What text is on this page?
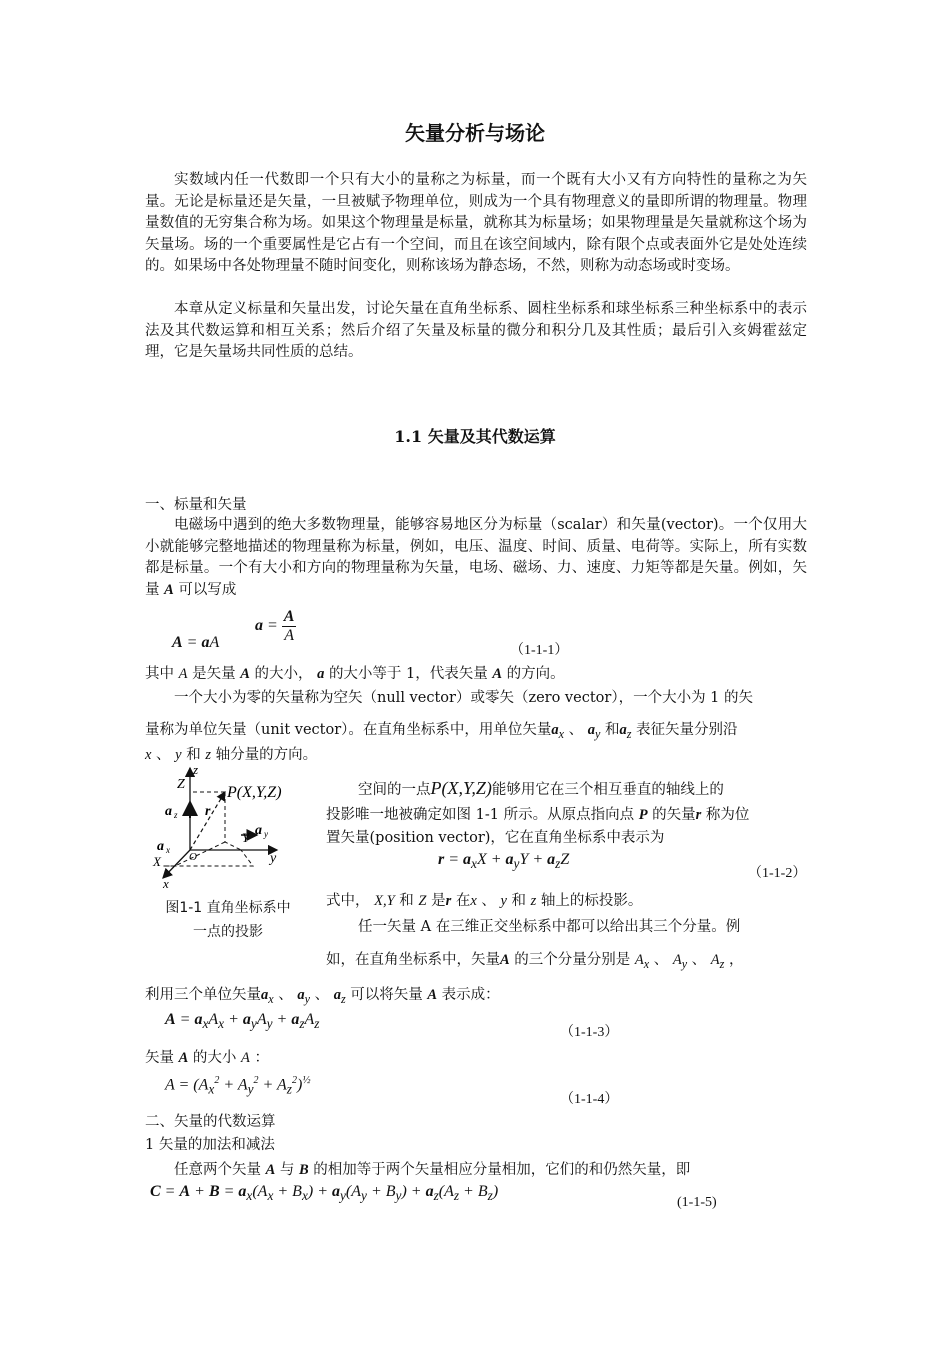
矢量分析与场论
实数域内任一代数即一个只有大小的量称之为标量，而一个既有大小又有方向特性的量称之为矢量。无论是标量还是矢量，一旦被赋予物理单位，则成为一个具有物理意义的量即所谓的物理量。物理量数值的无穷集合称为场。如果这个物理量是标量，就称其为标量场；如果物理量是矢量就称这个场为矢量场。场的一个重要属性是它占有一个空间，而且在该空间域内，除有限个点或表面外它是处处连续的。如果场中各处物理量不随时间变化，则称该场为静态场，不然，则称为动态场或时变场。
本章从定义标量和矢量出发，讨论矢量在直角坐标系、圆柱坐标系和球坐标系三种坐标系中的表示法及其代数运算和相互关系；然后介绍了矢量及标量的微分和积分几及其性质；最后引入亥姆霍兹定理，它是矢量场共同性质的总结。
1.1 矢量及其代数运算
一、标量和矢量
电磁场中遇到的绝大多数物理量，能够容易地区分为标量（scalar）和矢量(vector)。一个仅用大小就能够完整地描述的物理量称为标量，例如，电压、温度、时间、质量、电荷等。实际上，所有实数都是标量。一个有大小和方向的物理量称为矢量，电场、磁场、力、速度、力矩等都是矢量。例如，矢量 A 可以写成
A = aA
$a = \frac{A}{A}$
（1-1-1）
其中 A 是矢量 A 的大小， a 的大小等于 1，代表矢量 A 的方向。
一个大小为零的矢量称为空矢（null vector）或零矢（zero vector），一个大小为 1 的矢
量称为单位矢量（unit vector）。在直角坐标系中，用单位矢量$a_x$ 、 $a_y$ 和$a_z$ 表征矢量分别沿
x 、 y 和 z 轴分量的方向。
z
Z	P(X,Y,Z)
a z r
Y a y
y
a x
O
X
x
图1-1 直角坐标系中
一点的投影
空间的一点P(X,Y,Z)能够用它在三个相互垂直的轴线上的
投影唯一地被确定如图 1-1 所示。从原点指向点 P 的矢量r 称为位
置矢量(position vector)，它在直角坐标系中表示为
$r = a_xX + a_yY + a_zZ$
（1-1-2）
式中， X,Y 和 Z 是r 在x 、 y 和 z 轴上的标投影。
任一矢量 A 在三维正交坐标系中都可以给出其三个分量。例
如，在直角坐标系中，矢量A 的三个分量分别是 $A_x$ 、 $A_y$ 、 $A_z$ ，
利用三个单位矢量$a_x$ 、 $a_y$ 、 $a_z$ 可以将矢量 A 表示成：
$A = a_xA_x + a_yA_y + a_zA_z$
（1-1-3）
矢量 A 的大小 A ：
$A = (A_x^2 + A_y^2 + A_z^2)^{\frac{1}{2}}$
（1-1-4）
二、矢量的代数运算
1 矢量的加法和减法
任意两个矢量 A 与 B 的相加等于两个矢量相应分量相加，它们的和仍然矢量，即
$C = A + B = a_x(A_x + B_x) + a_y(A_y + B_y) + a_z(A_z + B_z)$
(1-1-5)
